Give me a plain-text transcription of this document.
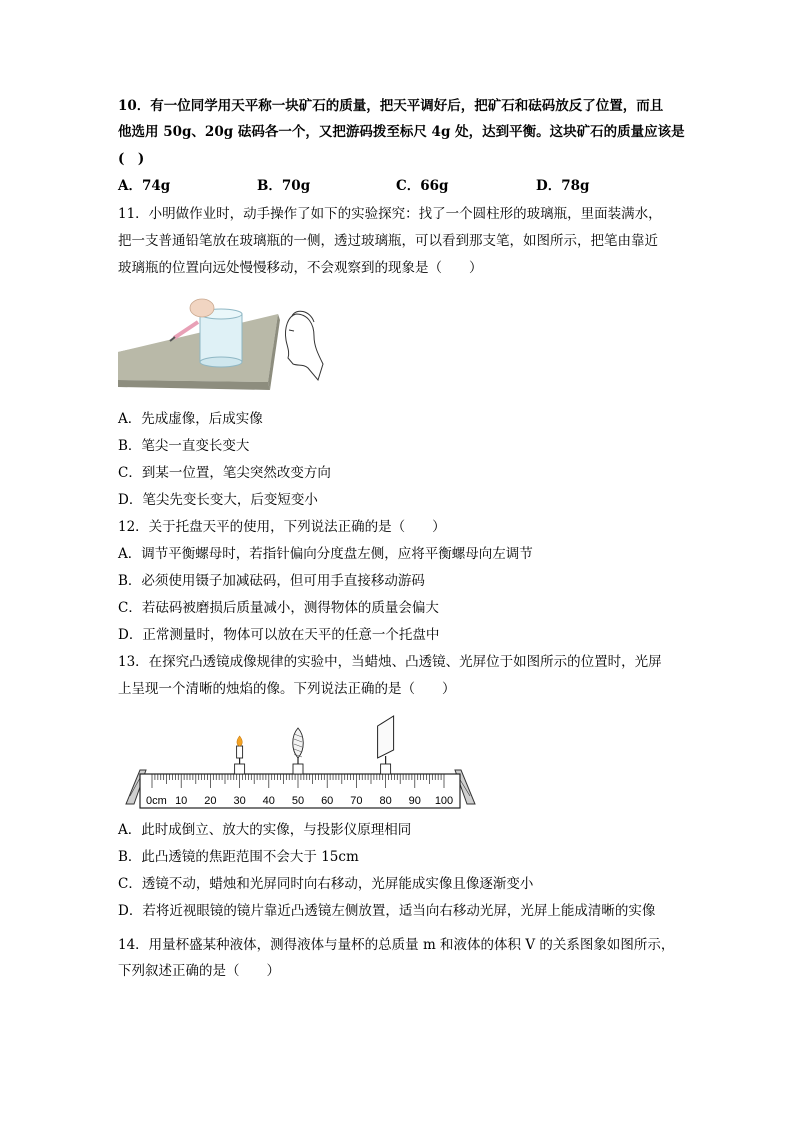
10．有一位同学用天平称一块矿石的质量，把天平调好后，把矿石和砝码放反了位置，而且
他选用 50g、20g 砝码各一个，又把游码拨至标尺 4g 处，达到平衡。这块矿石的质量应该是
(　)
A．74g	B．70g	C．66g	D．78g
11．小明做作业时，动手操作了如下的实验探究：找了一个圆柱形的玻璃瓶，里面装满水，
把一支普通铅笔放在玻璃瓶的一侧，透过玻璃瓶，可以看到那支笔，如图所示，把笔由靠近
玻璃瓶的位置向远处慢慢移动，不会观察到的现象是（　　）
A．先成虚像，后成实像
B．笔尖一直变长变大
C．到某一位置，笔尖突然改变方向
D．笔尖先变长变大，后变短变小
12．关于托盘天平的使用，下列说法正确的是（　　）
A．调节平衡螺母时，若指针偏向分度盘左侧，应将平衡螺母向左调节
B．必须使用镊子加减砝码，但可用手直接移动游码
C．若砝码被磨损后质量减小，测得物体的质量会偏大
D．正常测量时，物体可以放在天平的任意一个托盘中
13．在探究凸透镜成像规律的实验中，当蜡烛、凸透镜、光屏位于如图所示的位置时，光屏
上呈现一个清晰的烛焰的像。下列说法正确的是（　　）
0cm 10 20 30 40 50 60 70 80 90 100
A．此时成倒立、放大的实像，与投影仪原理相同
B．此凸透镜的焦距范围不会大于 15cm
C．透镜不动，蜡烛和光屏同时向右移动，光屏能成实像且像逐渐变小
D．若将近视眼镜的镜片靠近凸透镜左侧放置，适当向右移动光屏，光屏上能成清晰的实像
14．用量杯盛某种液体，测得液体与量杯的总质量 m 和液体的体积 V 的关系图象如图所示，
下列叙述正确的是（　　）
